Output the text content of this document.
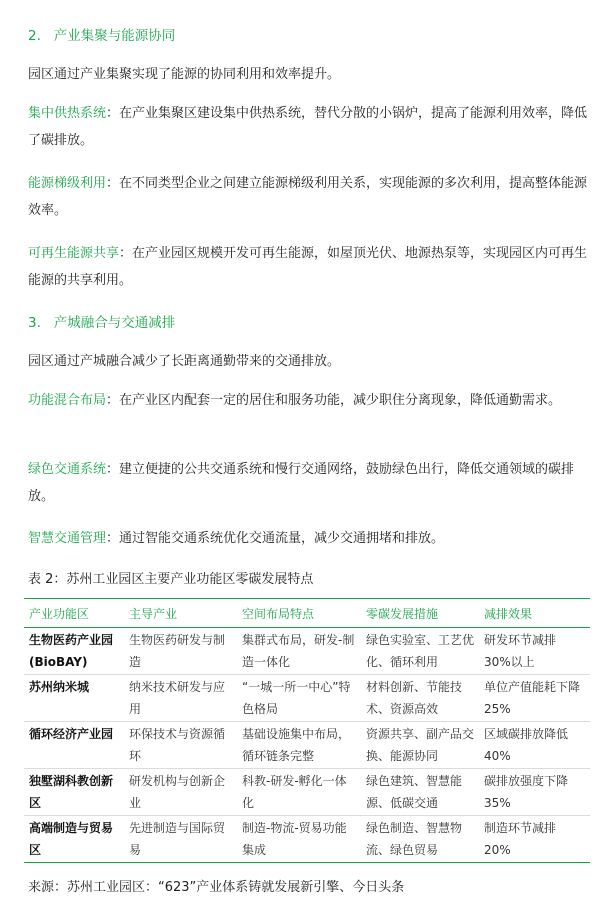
2.   产业集聚与能源协同

园区通过产业集聚实现了能源的协同利用和效率提升。

集中供热系统：在产业集聚区建设集中供热系统，替代分散的小锅炉，提高了能源利用效率，降低了碳排放。

能源梯级利用：在不同类型企业之间建立能源梯级利用关系，实现能源的多次利用，提高整体能源效率。

可再生能源共享：在产业园区规模开发可再生能源，如屋顶光伏、地源热泵等，实现园区内可再生能源的共享利用。

3.   产城融合与交通减排

园区通过产城融合减少了长距离通勤带来的交通排放。

功能混合布局：在产业区内配套一定的居住和服务功能，减少职住分离现象，降低通勤需求。

绿色交通系统：建立便捷的公共交通系统和慢行交通网络，鼓励绿色出行，降低交通领域的碳排放。

智慧交通管理：通过智能交通系统优化交通流量，减少交通拥堵和排放。

表 2：苏州工业园区主要产业功能区零碳发展特点
产业功能区	主导产业	空间布局特点	零碳发展措施	减排效果
生物医药产业园 (BioBAY)	生物医药研发与制造	集群式布局，研发-制造一体化	绿色实验室、工艺优化、循环利用	研发环节减排 30%以上
苏州纳米城	纳米技术研发与应用	“一城一所一中心”特色格局	材料创新、节能技术、资源高效	单位产值能耗下降 25%
循环经济产业园	环保技术与资源循环	基础设施集中布局，循环链条完整	资源共享、副产品交换、能源协同	区域碳排放降低 40%
独墅湖科教创新区	研发机构与创新企业	科教-研发-孵化一体化	绿色建筑、智慧能源、低碳交通	碳排放强度下降 35%
高端制造与贸易区	先进制造与国际贸易	制造-物流-贸易功能集成	绿色制造、智慧物流、绿色贸易	制造环节减排 20%
来源：苏州工业园区：“623”产业体系铸就发展新引擎、今日头条
